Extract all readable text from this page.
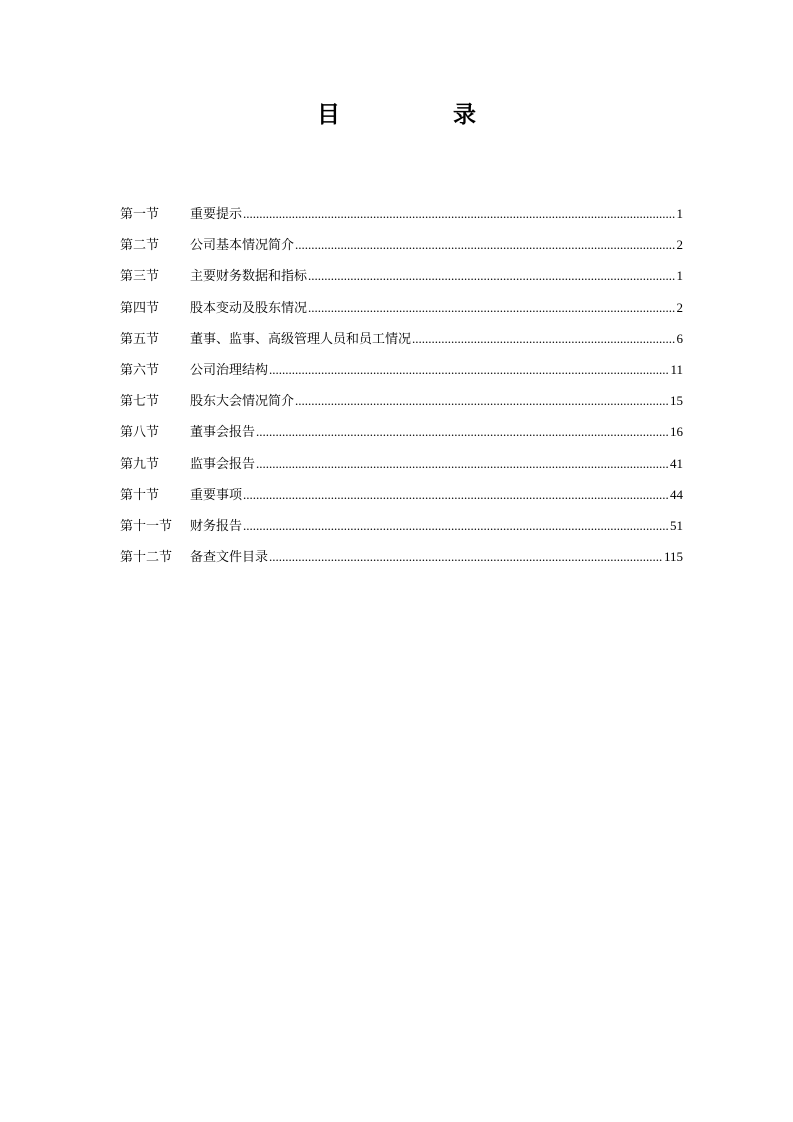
目　录
第一节	重要提示 .....	1
第二节	公司基本情况简介 .....	2
第三节	主要财务数据和指标 .....	1
第四节	股本变动及股东情况 .....	2
第五节	董事、监事、高级管理人员和员工情况 .....	6
第六节	公司治理结构 .....	11
第七节	股东大会情况简介 .....	15
第八节	董事会报告 .....	16
第九节	监事会报告 .....	41
第十节	重要事项 .....	44
第十一节	财务报告 .....	51
第十二节	备查文件目录 .....	115
